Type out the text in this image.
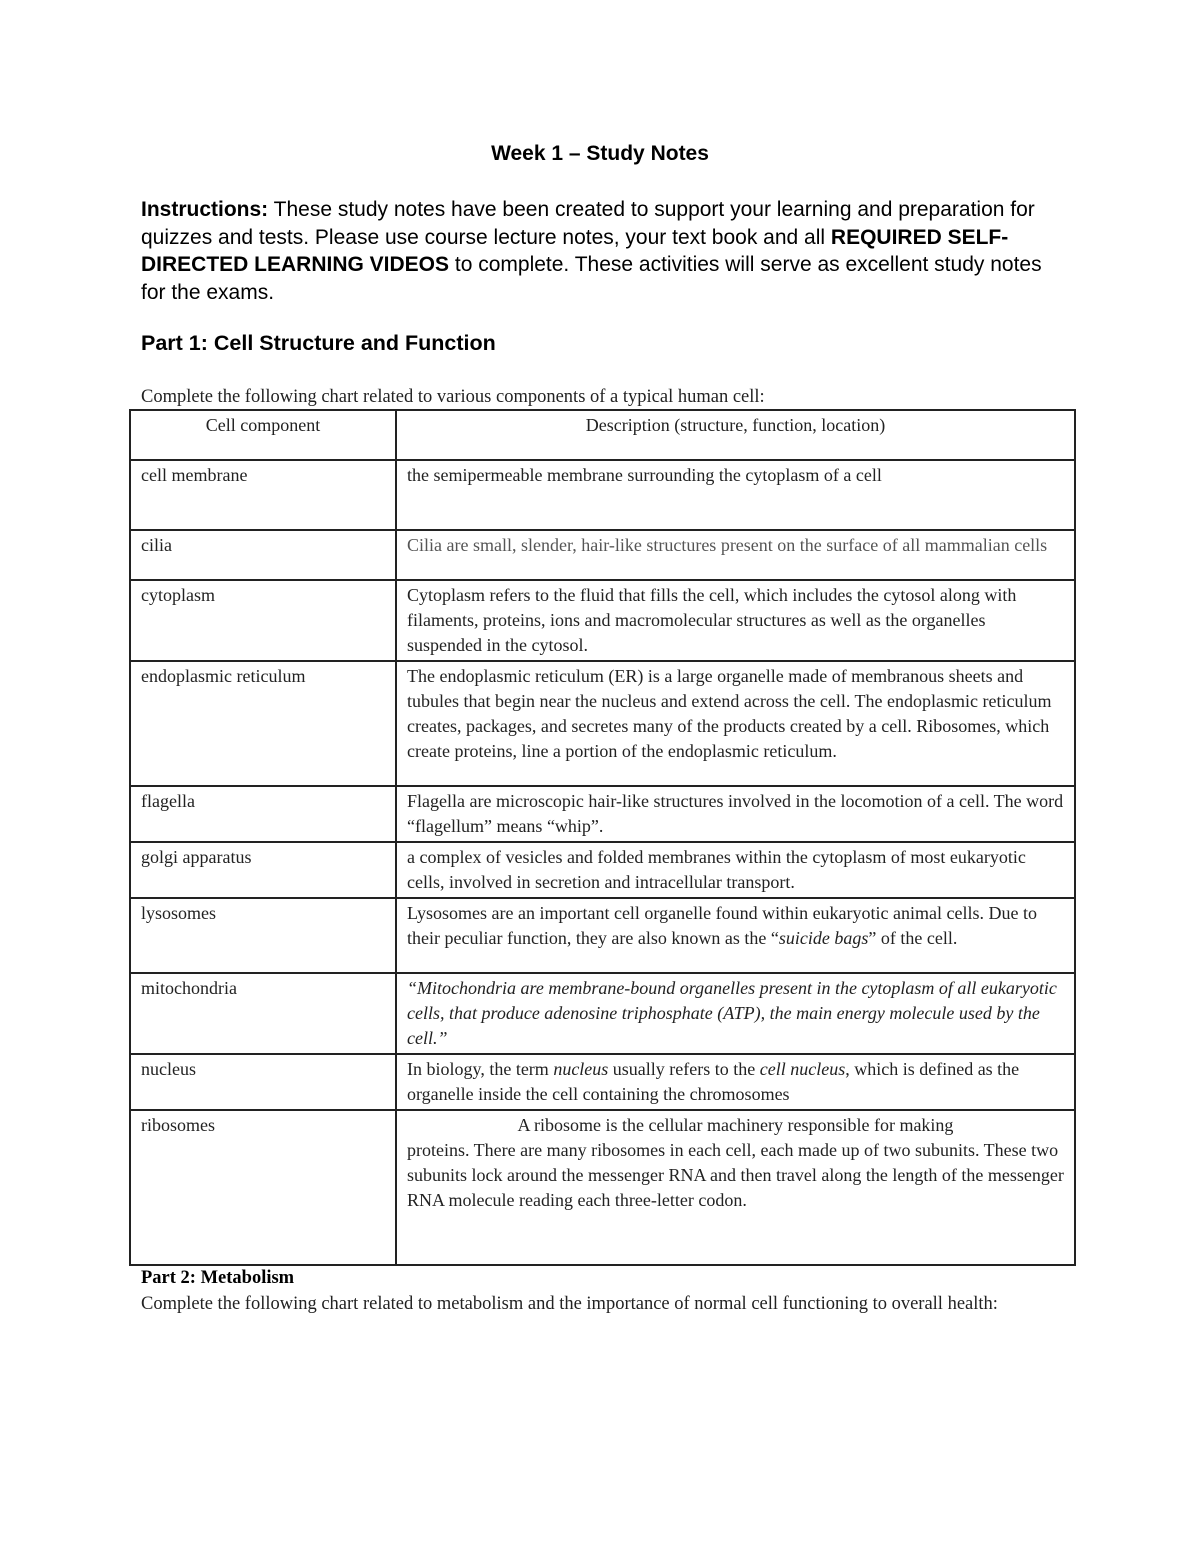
Week 1 – Study Notes

Instructions: These study notes have been created to support your learning and preparation for quizzes and tests. Please use course lecture notes, your text book and all REQUIRED SELF-DIRECTED LEARNING VIDEOS to complete. These activities will serve as excellent study notes for the exams.

Part 1: Cell Structure and Function

Complete the following chart related to various components of a typical human cell:

Cell component	Description (structure, function, location)
cell membrane	the semipermeable membrane surrounding the cytoplasm of a cell
cilia	Cilia are small, slender, hair-like structures present on the surface of all mammalian cells
cytoplasm	Cytoplasm refers to the fluid that fills the cell, which includes the cytosol along with filaments, proteins, ions and macromolecular structures as well as the organelles suspended in the cytosol.
endoplasmic reticulum	The endoplasmic reticulum (ER) is a large organelle made of membranous sheets and tubules that begin near the nucleus and extend across the cell. The endoplasmic reticulum creates, packages, and secretes many of the products created by a cell. Ribosomes, which create proteins, line a portion of the endoplasmic reticulum.
flagella	Flagella are microscopic hair-like structures involved in the locomotion of a cell. The word “flagellum” means “whip”.
golgi apparatus	a complex of vesicles and folded membranes within the cytoplasm of most eukaryotic cells, involved in secretion and intracellular transport.
lysosomes	Lysosomes are an important cell organelle found within eukaryotic animal cells. Due to their peculiar function, they are also known as the “suicide bags” of the cell.
mitochondria	“Mitochondria are membrane-bound organelles present in the cytoplasm of all eukaryotic cells, that produce adenosine triphosphate (ATP), the main energy molecule used by the cell.”
nucleus	In biology, the term nucleus usually refers to the cell nucleus, which is defined as the organelle inside the cell containing the chromosomes
ribosomes	A ribosome is the cellular machinery responsible for making
proteins. There are many ribosomes in each cell, each made up of two subunits. These two subunits lock around the messenger RNA and then travel along the length of the messenger RNA molecule reading each three-letter codon.
Part 2: Metabolism

Complete the following chart related to metabolism and the importance of normal cell functioning to overall health:
